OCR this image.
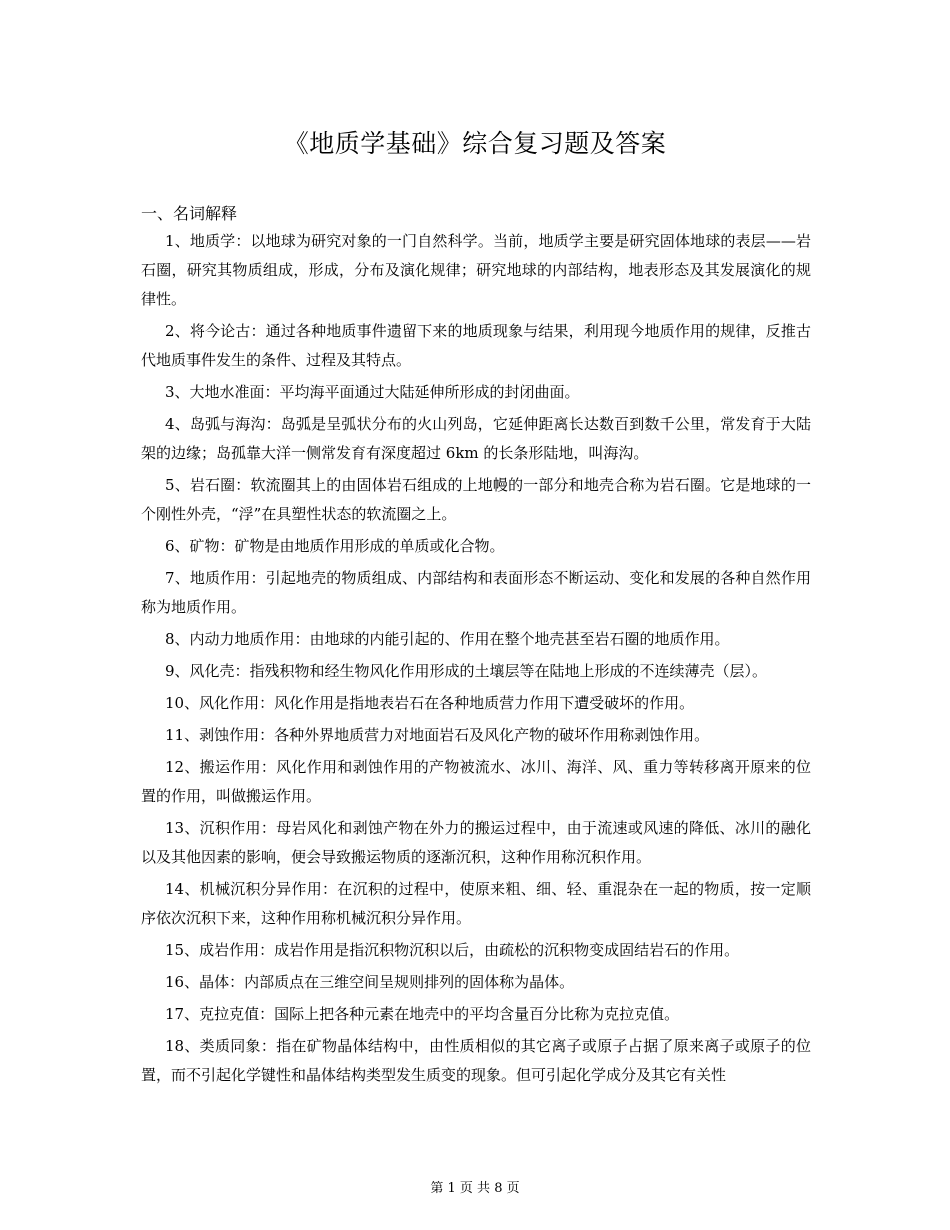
《地质学基础》综合复习题及答案
一、名词解释

1、地质学：以地球为研究对象的一门自然科学。当前，地质学主要是研究固体地球的表层——岩石圈，研究其物质组成，形成，分布及演化规律；研究地球的内部结构，地表形态及其发展演化的规律性。

2、将今论古：通过各种地质事件遗留下来的地质现象与结果，利用现今地质作用的规律，反推古代地质事件发生的条件、过程及其特点。

3、大地水准面：平均海平面通过大陆延伸所形成的封闭曲面。

4、岛弧与海沟：岛弧是呈弧状分布的火山列岛，它延伸距离长达数百到数千公里，常发育于大陆架的边缘；岛孤靠大洋一侧常发育有深度超过 6km 的长条形陆地，叫海沟。

5、岩石圈：软流圈其上的由固体岩石组成的上地幔的一部分和地壳合称为岩石圈。它是地球的一个刚性外壳，“浮”在具塑性状态的软流圈之上。

6、矿物：矿物是由地质作用形成的单质或化合物。

7、地质作用：引起地壳的物质组成、内部结构和表面形态不断运动、变化和发展的各种自然作用称为地质作用。

8、内动力地质作用：由地球的内能引起的、作用在整个地壳甚至岩石圈的地质作用。

9、风化壳：指残积物和经生物风化作用形成的土壤层等在陆地上形成的不连续薄壳（层）。

10、风化作用：风化作用是指地表岩石在各种地质营力作用下遭受破坏的作用。

11、剥蚀作用：各种外界地质营力对地面岩石及风化产物的破坏作用称剥蚀作用。

12、搬运作用：风化作用和剥蚀作用的产物被流水、冰川、海洋、风、重力等转移离开原来的位置的作用，叫做搬运作用。

13、沉积作用：母岩风化和剥蚀产物在外力的搬运过程中，由于流速或风速的降低、冰川的融化以及其他因素的影响，便会导致搬运物质的逐渐沉积，这种作用称沉积作用。

14、机械沉积分异作用：在沉积的过程中，使原来粗、细、轻、重混杂在一起的物质，按一定顺序依次沉积下来，这种作用称机械沉积分异作用。

15、成岩作用：成岩作用是指沉积物沉积以后，由疏松的沉积物变成固结岩石的作用。

16、晶体：内部质点在三维空间呈规则排列的固体称为晶体。

17、克拉克值：国际上把各种元素在地壳中的平均含量百分比称为克拉克值。

18、类质同象：指在矿物晶体结构中，由性质相似的其它离子或原子占据了原来离子或原子的位置，而不引起化学键性和晶体结构类型发生质变的现象。但可引起化学成分及其它有关性

第 1 页 共 8 页
